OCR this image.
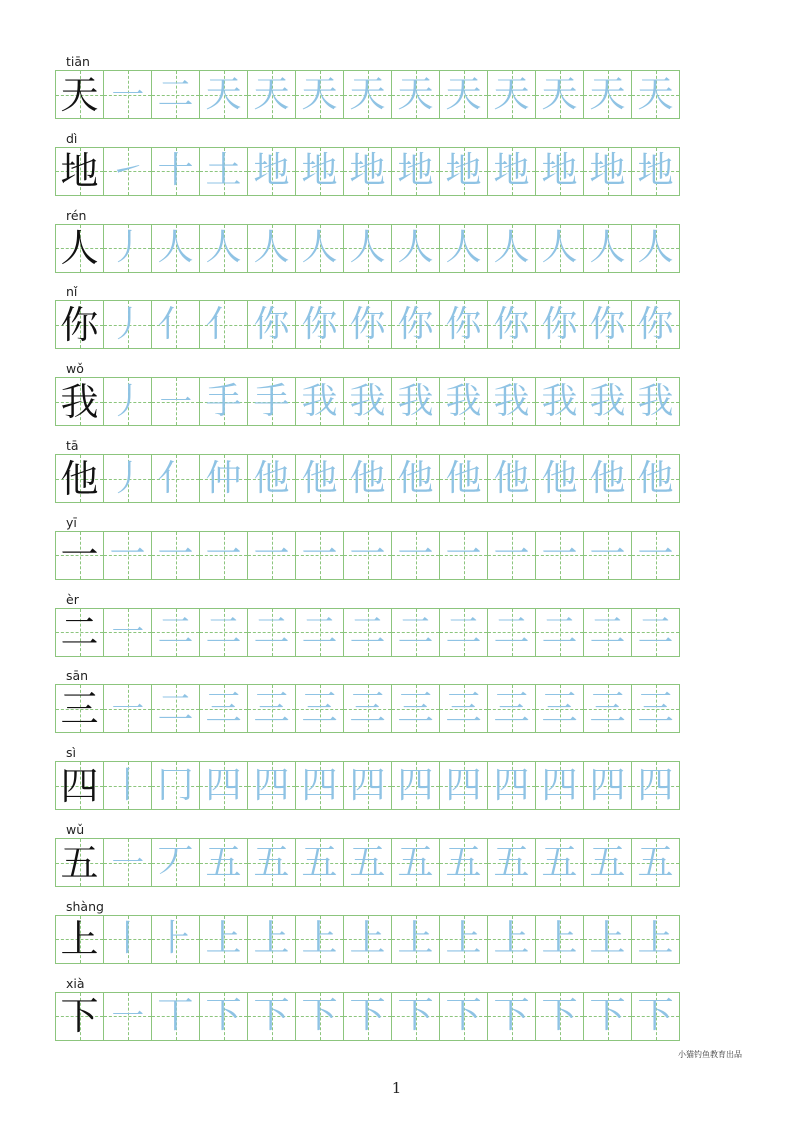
tiān
天 ㇐ 二 天 天 天 天 天 天 天 天 天 天
dì
地 ㇀ 十 土 地 地 地 地 地 地 地 地 地
rén
人 丿 人 人 人 人 人 人 人 人 人 人 人
nǐ
你 丿 亻 亻 你 你 你 你 你 你 你 你 你
wǒ
我 丿 ㇐ 手 手 我 我 我 我 我 我 我 我
tā
他 丿 亻 仲 他 他 他 他 他 他 他 他 他
yī
一 一 一 一 一 一 一 一 一 一 一 一 一
èr
二 ㇐ 二 二 二 二 二 二 二 二 二 二 二
sān
三 ㇐ 二 三 三 三 三 三 三 三 三 三 三
sì
四 丨 冂 四 四 四 四 四 四 四 四 四 四
wǔ
五 ㇐ 丆 五 五 五 五 五 五 五 五 五 五
shàng
上 丨 ⺊ 上 上 上 上 上 上 上 上 上 上
xià
下 ㇐ 丅 下 下 下 下 下 下 下 下 下 下
小猫钓鱼教育出品
1
